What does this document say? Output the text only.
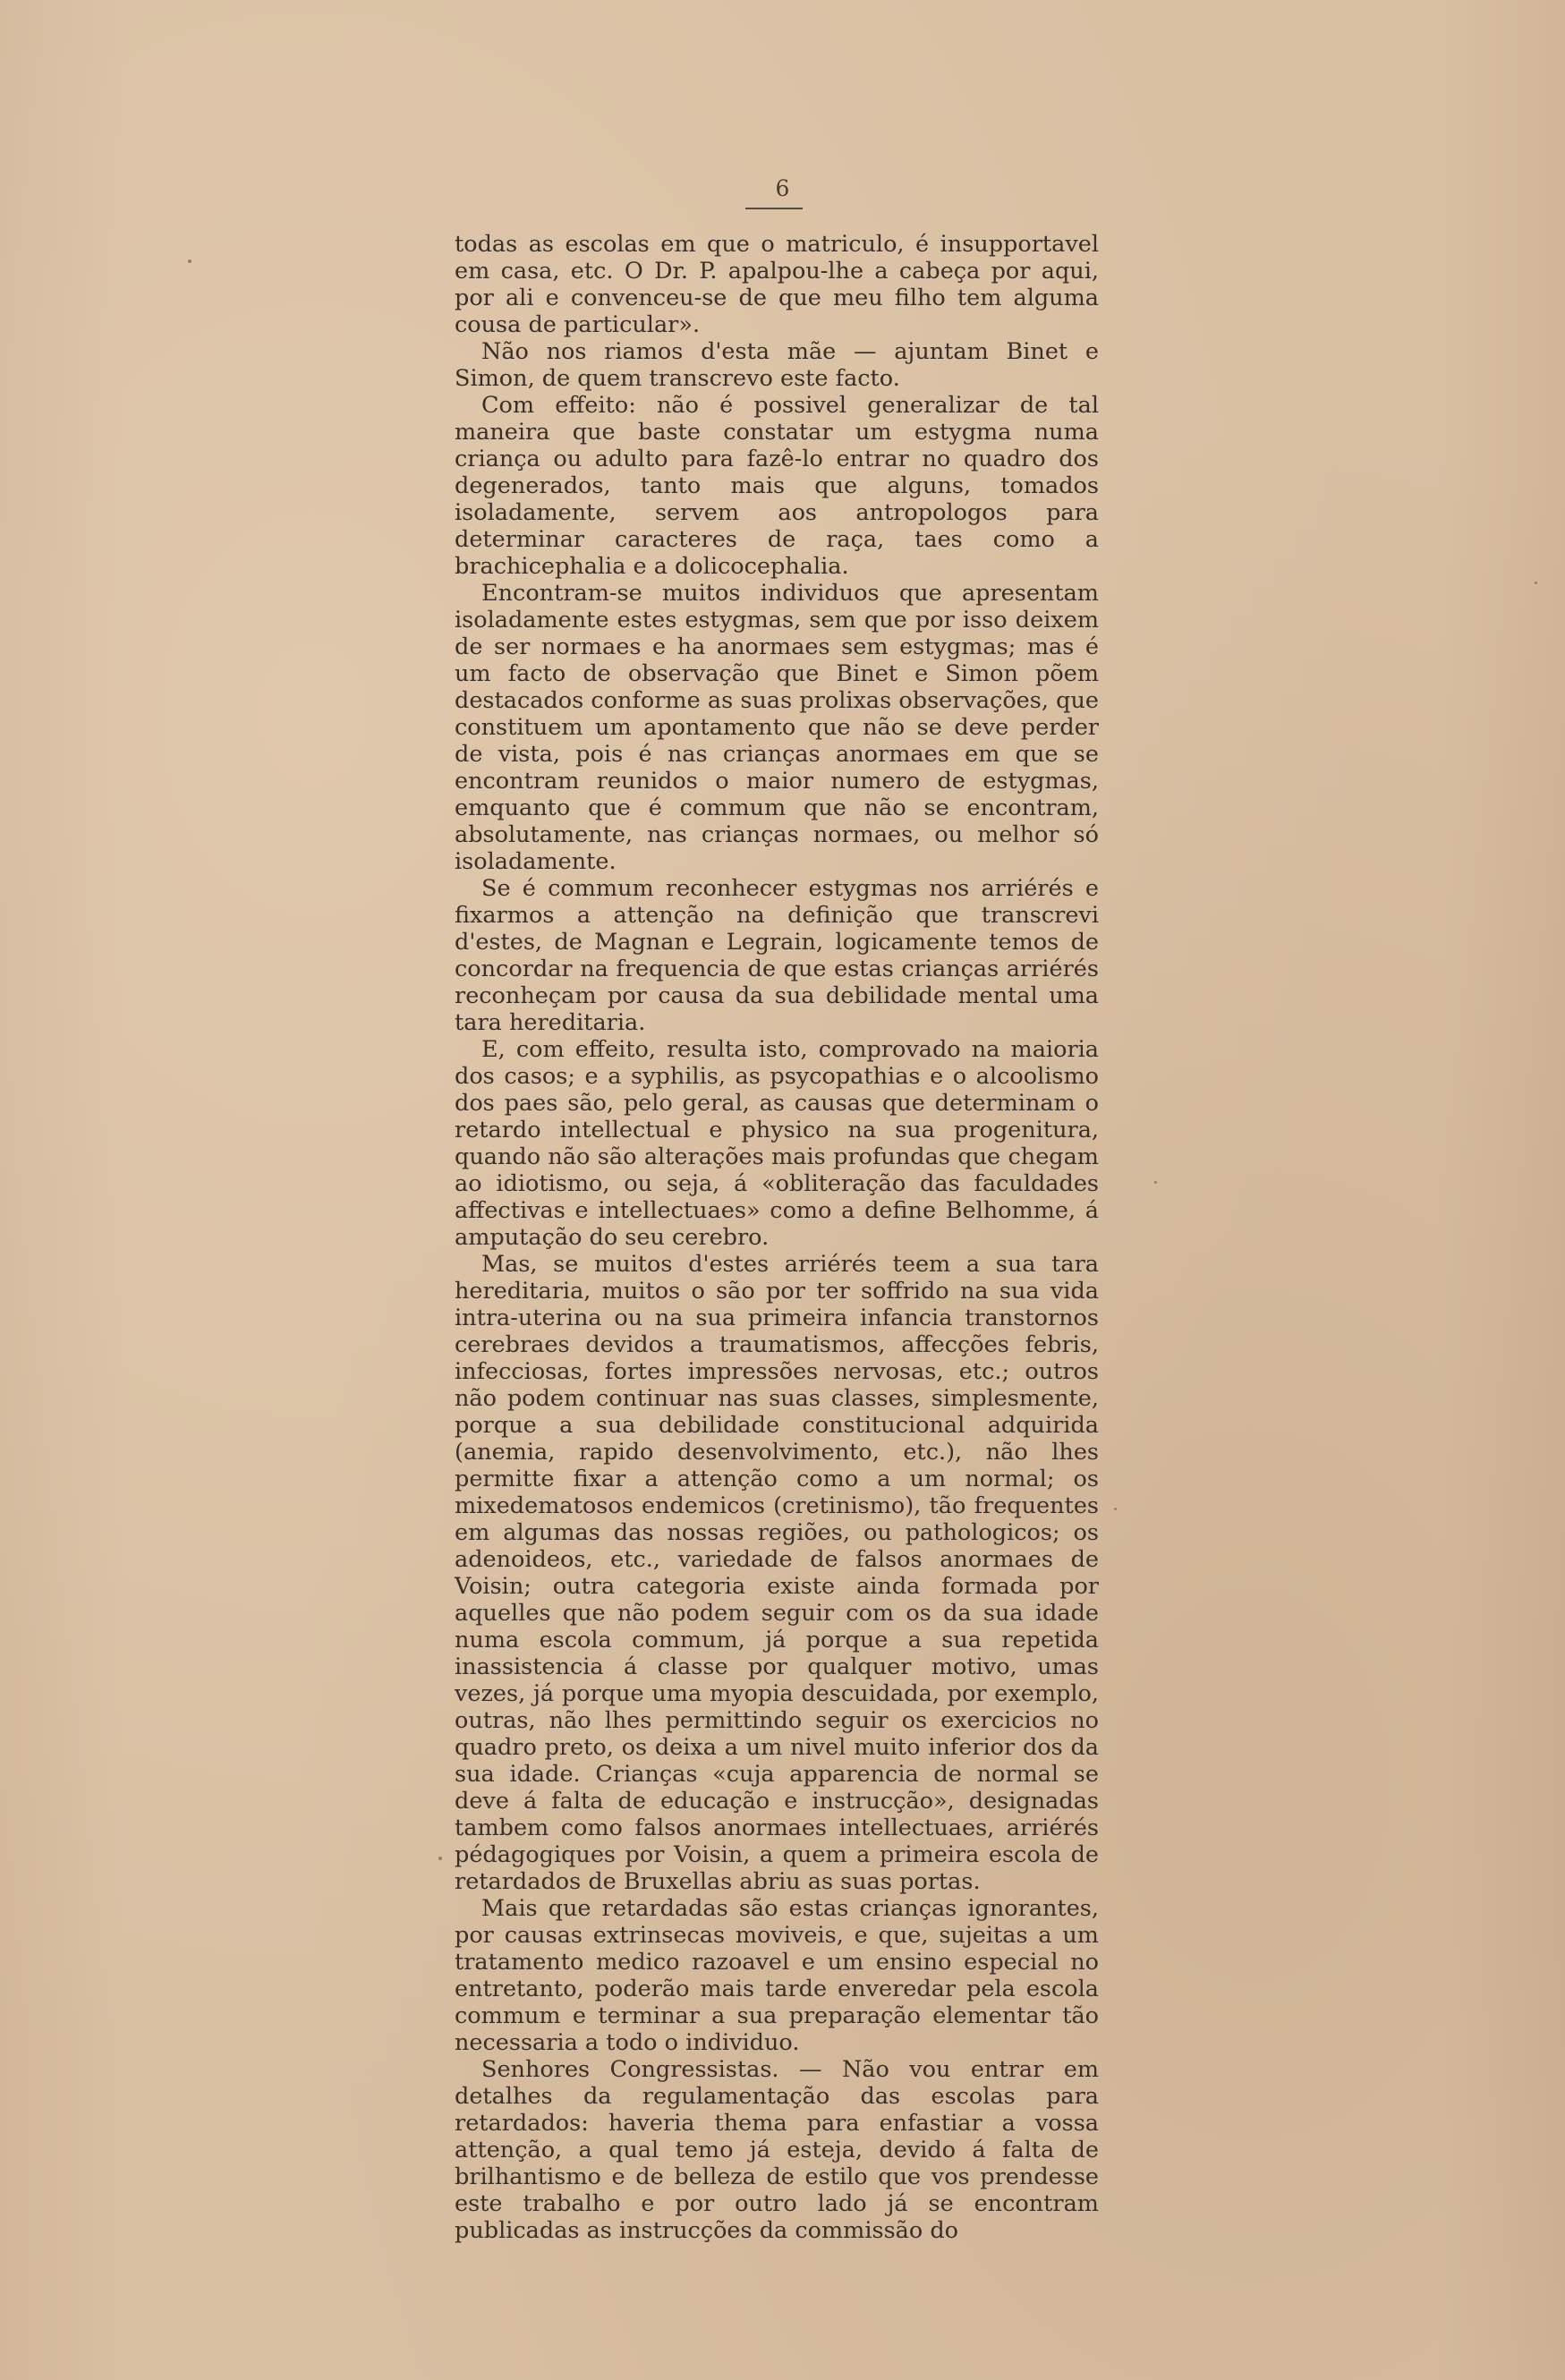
6

todas as escolas em que o matriculo, é insupportavel em casa, etc. O Dr. P. apalpou-lhe a cabeça por aqui, por ali e convenceu-se de que meu filho tem alguma cousa de particular».

Não nos riamos d'esta mãe — ajuntam Binet e Simon, de quem transcrevo este facto.

Com effeito: não é possivel generalizar de tal maneira que baste constatar um estygma numa criança ou adulto para fazê-lo entrar no quadro dos degenerados, tanto mais que alguns, tomados isoladamente, servem aos antropologos para determinar caracteres de raça, taes como a brachicephalia e a dolicocephalia.

Encontram-se muitos individuos que apresentam isoladamente estes estygmas, sem que por isso deixem de ser normaes e ha anormaes sem estygmas; mas é um facto de observação que Binet e Simon põem destacados conforme as suas prolixas observações, que constituem um apontamento que não se deve perder de vista, pois é nas crianças anormaes em que se encontram reunidos o maior numero de estygmas, emquanto que é commum que não se encontram, absolutamente, nas crianças normaes, ou melhor só isoladamente.

Se é commum reconhecer estygmas nos arriérés e fixarmos a attenção na definição que transcrevi d'estes, de Magnan e Legrain, logicamente temos de concordar na frequencia de que estas crianças arriérés reconheçam por causa da sua debilidade mental uma tara hereditaria.

E, com effeito, resulta isto, comprovado na maioria dos casos; e a syphilis, as psycopathias e o alcoolismo dos paes são, pelo geral, as causas que determinam o retardo intellectual e physico na sua progenitura, quando não são alterações mais profundas que chegam ao idiotismo, ou seja, á «obliteração das faculdades affectivas e intellectuaes» como a define Belhomme, á amputação do seu cerebro.

Mas, se muitos d'estes arriérés teem a sua tara hereditaria, muitos o são por ter soffrido na sua vida intra-uterina ou na sua primeira infancia transtornos cerebraes devidos a traumatismos, affecções febris, infecciosas, fortes impressões nervosas, etc.; outros não podem continuar nas suas classes, simplesmente, porque a sua debilidade constitucional adquirida (anemia, rapido desenvolvimento, etc.), não lhes permitte fixar a attenção como a um normal; os mixedematosos endemicos (cretinismo), tão frequentes em algumas das nossas regiões, ou pathologicos; os adenoideos, etc., variedade de falsos anormaes de Voisin; outra categoria existe ainda formada por aquelles que não podem seguir com os da sua idade numa escola commum, já porque a sua repetida inassistencia á classe por qualquer motivo, umas vezes, já porque uma myopia descuidada, por exemplo, outras, não lhes permittindo seguir os exercicios no quadro preto, os deixa a um nivel muito inferior dos da sua idade. Crianças «cuja apparencia de normal se deve á falta de educação e instrucção», designadas tambem como falsos anormaes intellectuaes, arriérés pédagogiques por Voisin, a quem a primeira escola de retardados de Bruxellas abriu as suas portas.

Mais que retardadas são estas crianças ignorantes, por causas extrinsecas moviveis, e que, sujeitas a um tratamento medico razoavel e um ensino especial no entretanto, poderão mais tarde enveredar pela escola commum e terminar a sua preparação elementar tão necessaria a todo o individuo.

Senhores Congressistas. — Não vou entrar em detalhes da regulamentação das escolas para retardados: haveria thema para enfastiar a vossa attenção, a qual temo já esteja, devido á falta de brilhantismo e de belleza de estilo que vos prendesse este trabalho e por outro lado já se encontram publicadas as instrucções da commissão do
